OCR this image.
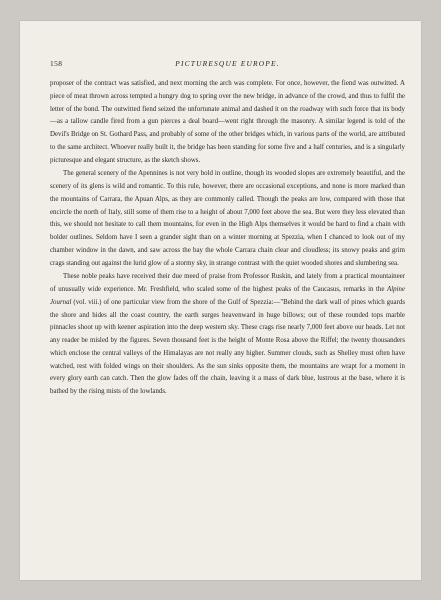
158	PICTURESQUE EUROPE.

proposer of the contract was satisfied, and next morning the arch was complete. For once, however, the fiend was outwitted. A piece of meat thrown across tempted a hungry dog to spring over the new bridge, in advance of the crowd, and thus to fulfil the letter of the bond. The outwitted fiend seized the unfortunate animal and dashed it on the roadway with such force that its body—as a tallow candle fired from a gun pierces a deal board—went right through the masonry. A similar legend is told of the Devil's Bridge on St. Gothard Pass, and probably of some of the other bridges which, in various parts of the world, are attributed to the same architect. Whoever really built it, the bridge has been standing for some five and a half centuries, and is a singularly picturesque and elegant structure, as the sketch shows.

The general scenery of the Apennines is not very bold in outline, though its wooded slopes are extremely beautiful, and the scenery of its glens is wild and romantic. To this rule, however, there are occasional exceptions, and none is more marked than the mountains of Carrara, the Apuan Alps, as they are commonly called. Though the peaks are low, compared with those that encircle the north of Italy, still some of them rise to a height of about 7,000 feet above the sea. But were they less elevated than this, we should not hesitate to call them mountains, for even in the High Alps themselves it would be hard to find a chain with bolder outlines. Seldom have I seen a grander sight than on a winter morning at Spezzia, when I chanced to look out of my chamber window in the dawn, and saw across the bay the whole Carrara chain clear and cloudless; its snowy peaks and grim crags standing out against the lurid glow of a stormy sky, in strange contrast with the quiet wooded shores and slumbering sea.

These noble peaks have received their due meed of praise from Professor Ruskin, and lately from a practical mountaineer of unusually wide experience. Mr. Freshfield, who scaled some of the highest peaks of the Caucasus, remarks in the Alpine Journal (vol. viii.) of one particular view from the shore of the Gulf of Spezzia:—"Behind the dark wall of pines which guards the shore and hides all the coast country, the earth surges heavenward in huge billows; out of these rounded tops marble pinnacles shoot up with keener aspiration into the deep western sky. These crags rise nearly 7,000 feet above our heads. Let not any reader be misled by the figures. Seven thousand feet is the height of Monte Rosa above the Riffel; the twenty thousanders which enclose the central valleys of the Himalayas are not really any higher. Summer clouds, such as Shelley must often have watched, rest with folded wings on their shoulders. As the sun sinks opposite them, the mountains are wrapt for a moment in every glory earth can catch. Then the glow fades off the chain, leaving it a mass of dark blue, lustrous at the base, where it is bathed by the rising mists of the lowlands.
